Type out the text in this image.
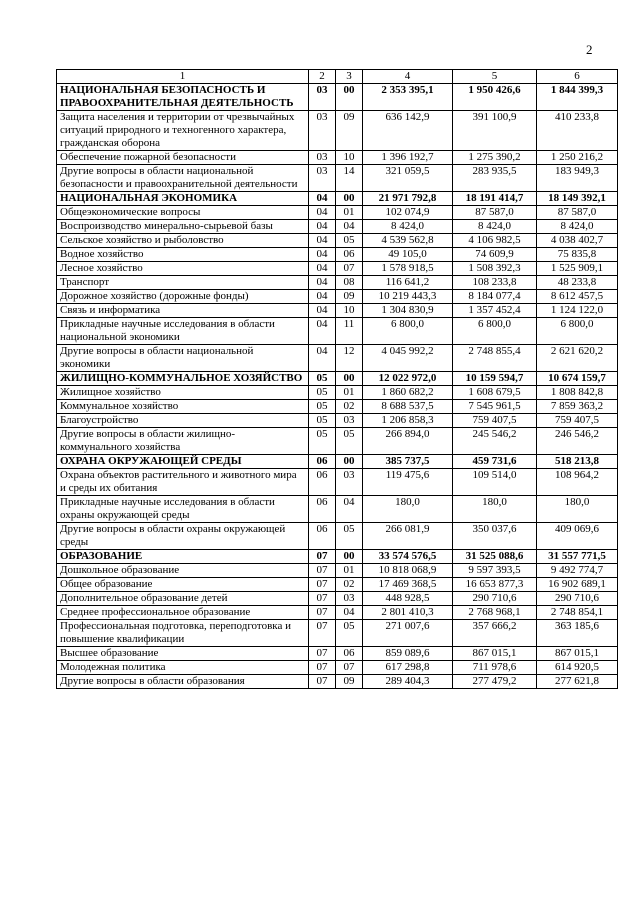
2
1	2	3	4	5	6
НАЦИОНАЛЬНАЯ БЕЗОПАСНОСТЬ И ПРАВООХРАНИТЕЛЬНАЯ ДЕЯТЕЛЬНОСТЬ	03	00	2 353 395,1	1 950 426,6	1 844 399,3
Защита населения и территории от чрезвычайных ситуаций природного и техногенного характера, гражданская оборона	03	09	636 142,9	391 100,9	410 233,8
Обеспечение пожарной безопасности	03	10	1 396 192,7	1 275 390,2	1 250 216,2
Другие вопросы в области национальной безопасности и правоохранительной деятельности	03	14	321 059,5	283 935,5	183 949,3
НАЦИОНАЛЬНАЯ ЭКОНОМИКА	04	00	21 971 792,8	18 191 414,7	18 149 392,1
Общеэкономические вопросы	04	01	102 074,9	87 587,0	87 587,0
Воспроизводство минерально-сырьевой базы	04	04	8 424,0	8 424,0	8 424,0
Сельское хозяйство и рыболовство	04	05	4 539 562,8	4 106 982,5	4 038 402,7
Водное хозяйство	04	06	49 105,0	74 609,9	75 835,8
Лесное хозяйство	04	07	1 578 918,5	1 508 392,3	1 525 909,1
Транспорт	04	08	116 641,2	108 233,8	48 233,8
Дорожное хозяйство (дорожные фонды)	04	09	10 219 443,3	8 184 077,4	8 612 457,5
Связь и информатика	04	10	1 304 830,9	1 357 452,4	1 124 122,0
Прикладные научные исследования в области национальной экономики	04	11	6 800,0	6 800,0	6 800,0
Другие вопросы в области национальной экономики	04	12	4 045 992,2	2 748 855,4	2 621 620,2
ЖИЛИЩНО-КОММУНАЛЬНОЕ ХОЗЯЙСТВО	05	00	12 022 972,0	10 159 594,7	10 674 159,7
Жилищное хозяйство	05	01	1 860 682,2	1 608 679,5	1 808 842,8
Коммунальное хозяйство	05	02	8 688 537,5	7 545 961,5	7 859 363,2
Благоустройство	05	03	1 206 858,3	759 407,5	759 407,5
Другие вопросы в области жилищно-коммунального хозяйства	05	05	266 894,0	245 546,2	246 546,2
ОХРАНА ОКРУЖАЮЩЕЙ СРЕДЫ	06	00	385 737,5	459 731,6	518 213,8
Охрана объектов растительного и животного мира и среды их обитания	06	03	119 475,6	109 514,0	108 964,2
Прикладные научные исследования в области охраны окружающей среды	06	04	180,0	180,0	180,0
Другие вопросы в области охраны окружающей среды	06	05	266 081,9	350 037,6	409 069,6
ОБРАЗОВАНИЕ	07	00	33 574 576,5	31 525 088,6	31 557 771,5
Дошкольное образование	07	01	10 818 068,9	9 597 393,5	9 492 774,7
Общее образование	07	02	17 469 368,5	16 653 877,3	16 902 689,1
Дополнительное образование детей	07	03	448 928,5	290 710,6	290 710,6
Среднее профессиональное образование	07	04	2 801 410,3	2 768 968,1	2 748 854,1
Профессиональная подготовка, переподготовка и повышение квалификации	07	05	271 007,6	357 666,2	363 185,6
Высшее образование	07	06	859 089,6	867 015,1	867 015,1
Молодежная политика	07	07	617 298,8	711 978,6	614 920,5
Другие вопросы в области образования	07	09	289 404,3	277 479,2	277 621,8
